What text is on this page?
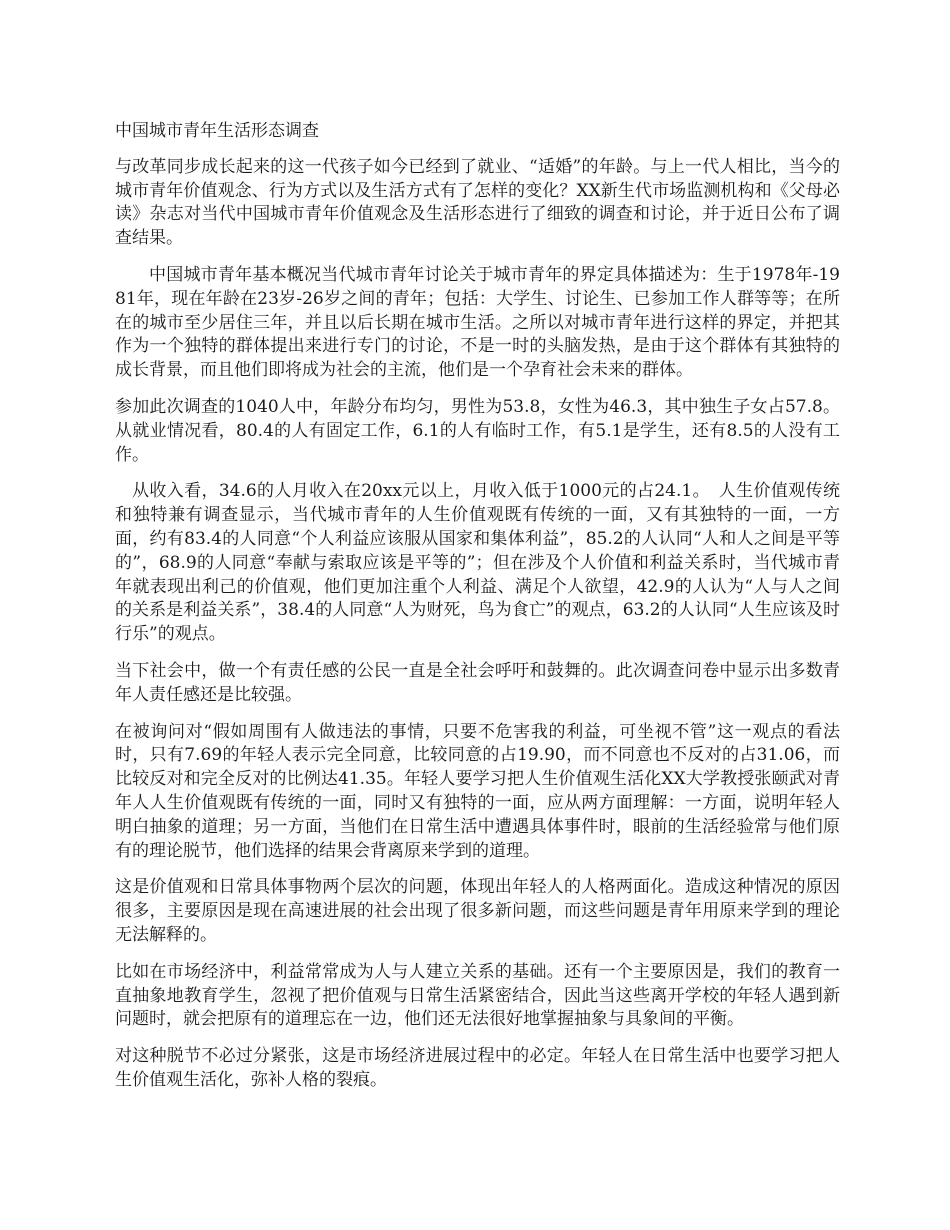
中国城市青年生活形态调查

与改革同步成长起来的这一代孩子如今已经到了就业、“适婚”的年龄。与上一代人相比，当今的城市青年价值观念、行为方式以及生活方式有了怎样的变化？XX新生代市场监测机构和《父母必读》杂志对当代中国城市青年价值观念及生活形态进行了细致的调查和讨论，并于近日公布了调查结果。

中国城市青年基本概况当代城市青年讨论关于城市青年的界定具体描述为：生于1978年-1981年，现在年龄在23岁-26岁之间的青年；包括：大学生、讨论生、已参加工作人群等等；在所在的城市至少居住三年，并且以后长期在城市生活。之所以对城市青年进行这样的界定，并把其作为一个独特的群体提出来进行专门的讨论，不是一时的头脑发热，是由于这个群体有其独特的成长背景，而且他们即将成为社会的主流，他们是一个孕育社会未来的群体。

参加此次调查的1040人中，年龄分布均匀，男性为53.8，女性为46.3，其中独生子女占57.8。从就业情况看，80.4的人有固定工作，6.1的人有临时工作，有5.1是学生，还有8.5的人没有工作。

从收入看，34.6的人月收入在20xx元以上，月收入低于1000元的占24.1。　人生价值观传统和独特兼有调查显示，当代城市青年的人生价值观既有传统的一面，又有其独特的一面，一方面，约有83.4的人同意“个人利益应该服从国家和集体利益”，85.2的人认同“人和人之间是平等的”，68.9的人同意“奉献与索取应该是平等的”；但在涉及个人价值和利益关系时，当代城市青年就表现出利己的价值观，他们更加注重个人利益、满足个人欲望，42.9的人认为“人与人之间的关系是利益关系”，38.4的人同意“人为财死，鸟为食亡”的观点，63.2的人认同“人生应该及时行乐”的观点。

当下社会中，做一个有责任感的公民一直是全社会呼吁和鼓舞的。此次调查问卷中显示出多数青年人责任感还是比较强。

在被询问对“假如周围有人做违法的事情，只要不危害我的利益，可坐视不管”这一观点的看法时，只有7.69的年轻人表示完全同意，比较同意的占19.90，而不同意也不反对的占31.06，而比较反对和完全反对的比例达41.35。年轻人要学习把人生价值观生活化XX大学教授张颐武对青年人人生价值观既有传统的一面，同时又有独特的一面，应从两方面理解：一方面，说明年轻人明白抽象的道理；另一方面，当他们在日常生活中遭遇具体事件时，眼前的生活经验常与他们原有的理论脱节，他们选择的结果会背离原来学到的道理。

这是价值观和日常具体事物两个层次的问题，体现出年轻人的人格两面化。造成这种情况的原因很多，主要原因是现在高速进展的社会出现了很多新问题，而这些问题是青年用原来学到的理论无法解释的。

比如在市场经济中，利益常常成为人与人建立关系的基础。还有一个主要原因是，我们的教育一直抽象地教育学生，忽视了把价值观与日常生活紧密结合，因此当这些离开学校的年轻人遇到新问题时，就会把原有的道理忘在一边，他们还无法很好地掌握抽象与具象间的平衡。

对这种脱节不必过分紧张，这是市场经济进展过程中的必定。年轻人在日常生活中也要学习把人生价值观生活化，弥补人格的裂痕。
